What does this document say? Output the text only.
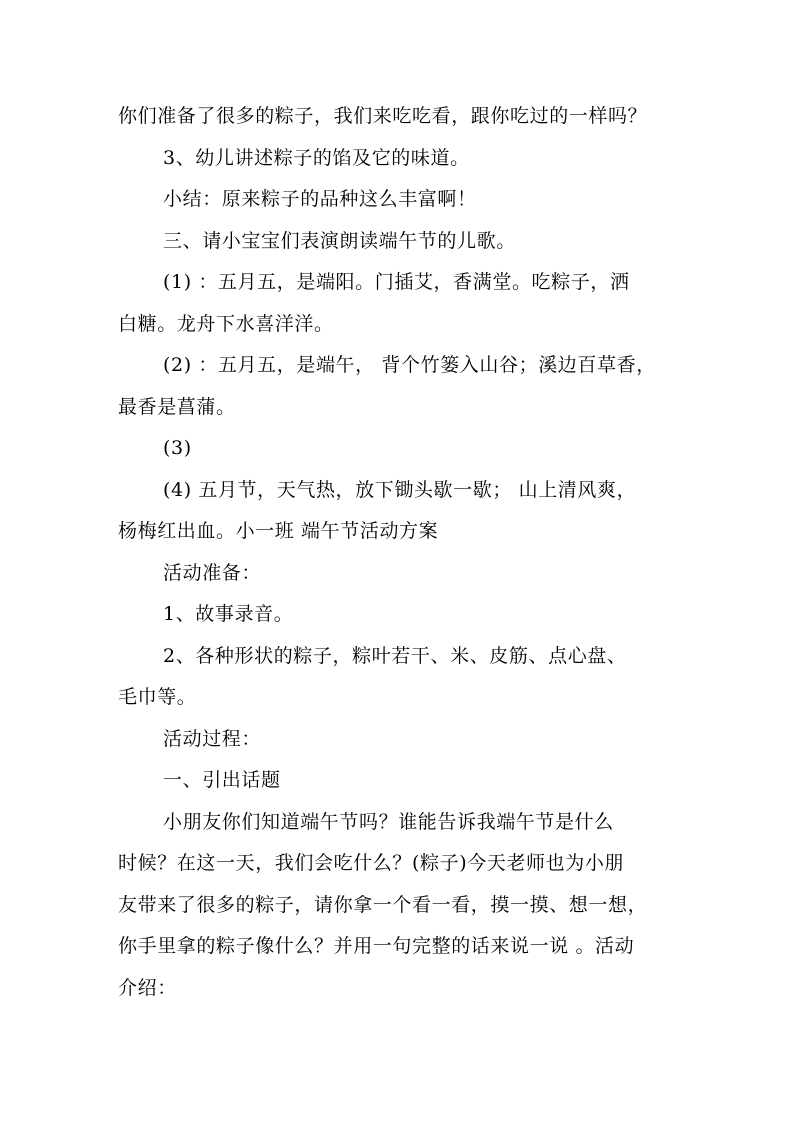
你们准备了很多的粽子，我们来吃吃看，跟你吃过的一样吗？
3、幼儿讲述粽子的馅及它的味道。
小结：原来粽子的品种这么丰富啊！
三、请小宝宝们表演朗读端午节的儿歌。
(1) ：五月五，是端阳。门插艾，香满堂。吃粽子，洒
白糖。龙舟下水喜洋洋。
(2) ：五月五，是端午， 背个竹篓入山谷；溪边百草香，
最香是菖蒲。
(3)
(4) 五月节，天气热，放下锄头歇一歇； 山上清风爽，
杨梅红出血。小一班 端午节活动方案
活动准备：
1、故事录音。
2、各种形状的粽子，粽叶若干、米、皮筋、点心盘、
毛巾等。
活动过程：
一、引出话题
小朋友你们知道端午节吗？谁能告诉我端午节是什么
时候？在这一天，我们会吃什么？(粽子)今天老师也为小朋
友带来了很多的粽子，请你拿一个看一看，摸一摸、想一想，
你手里拿的粽子像什么？并用一句完整的话来说一说 。活动
介绍：
